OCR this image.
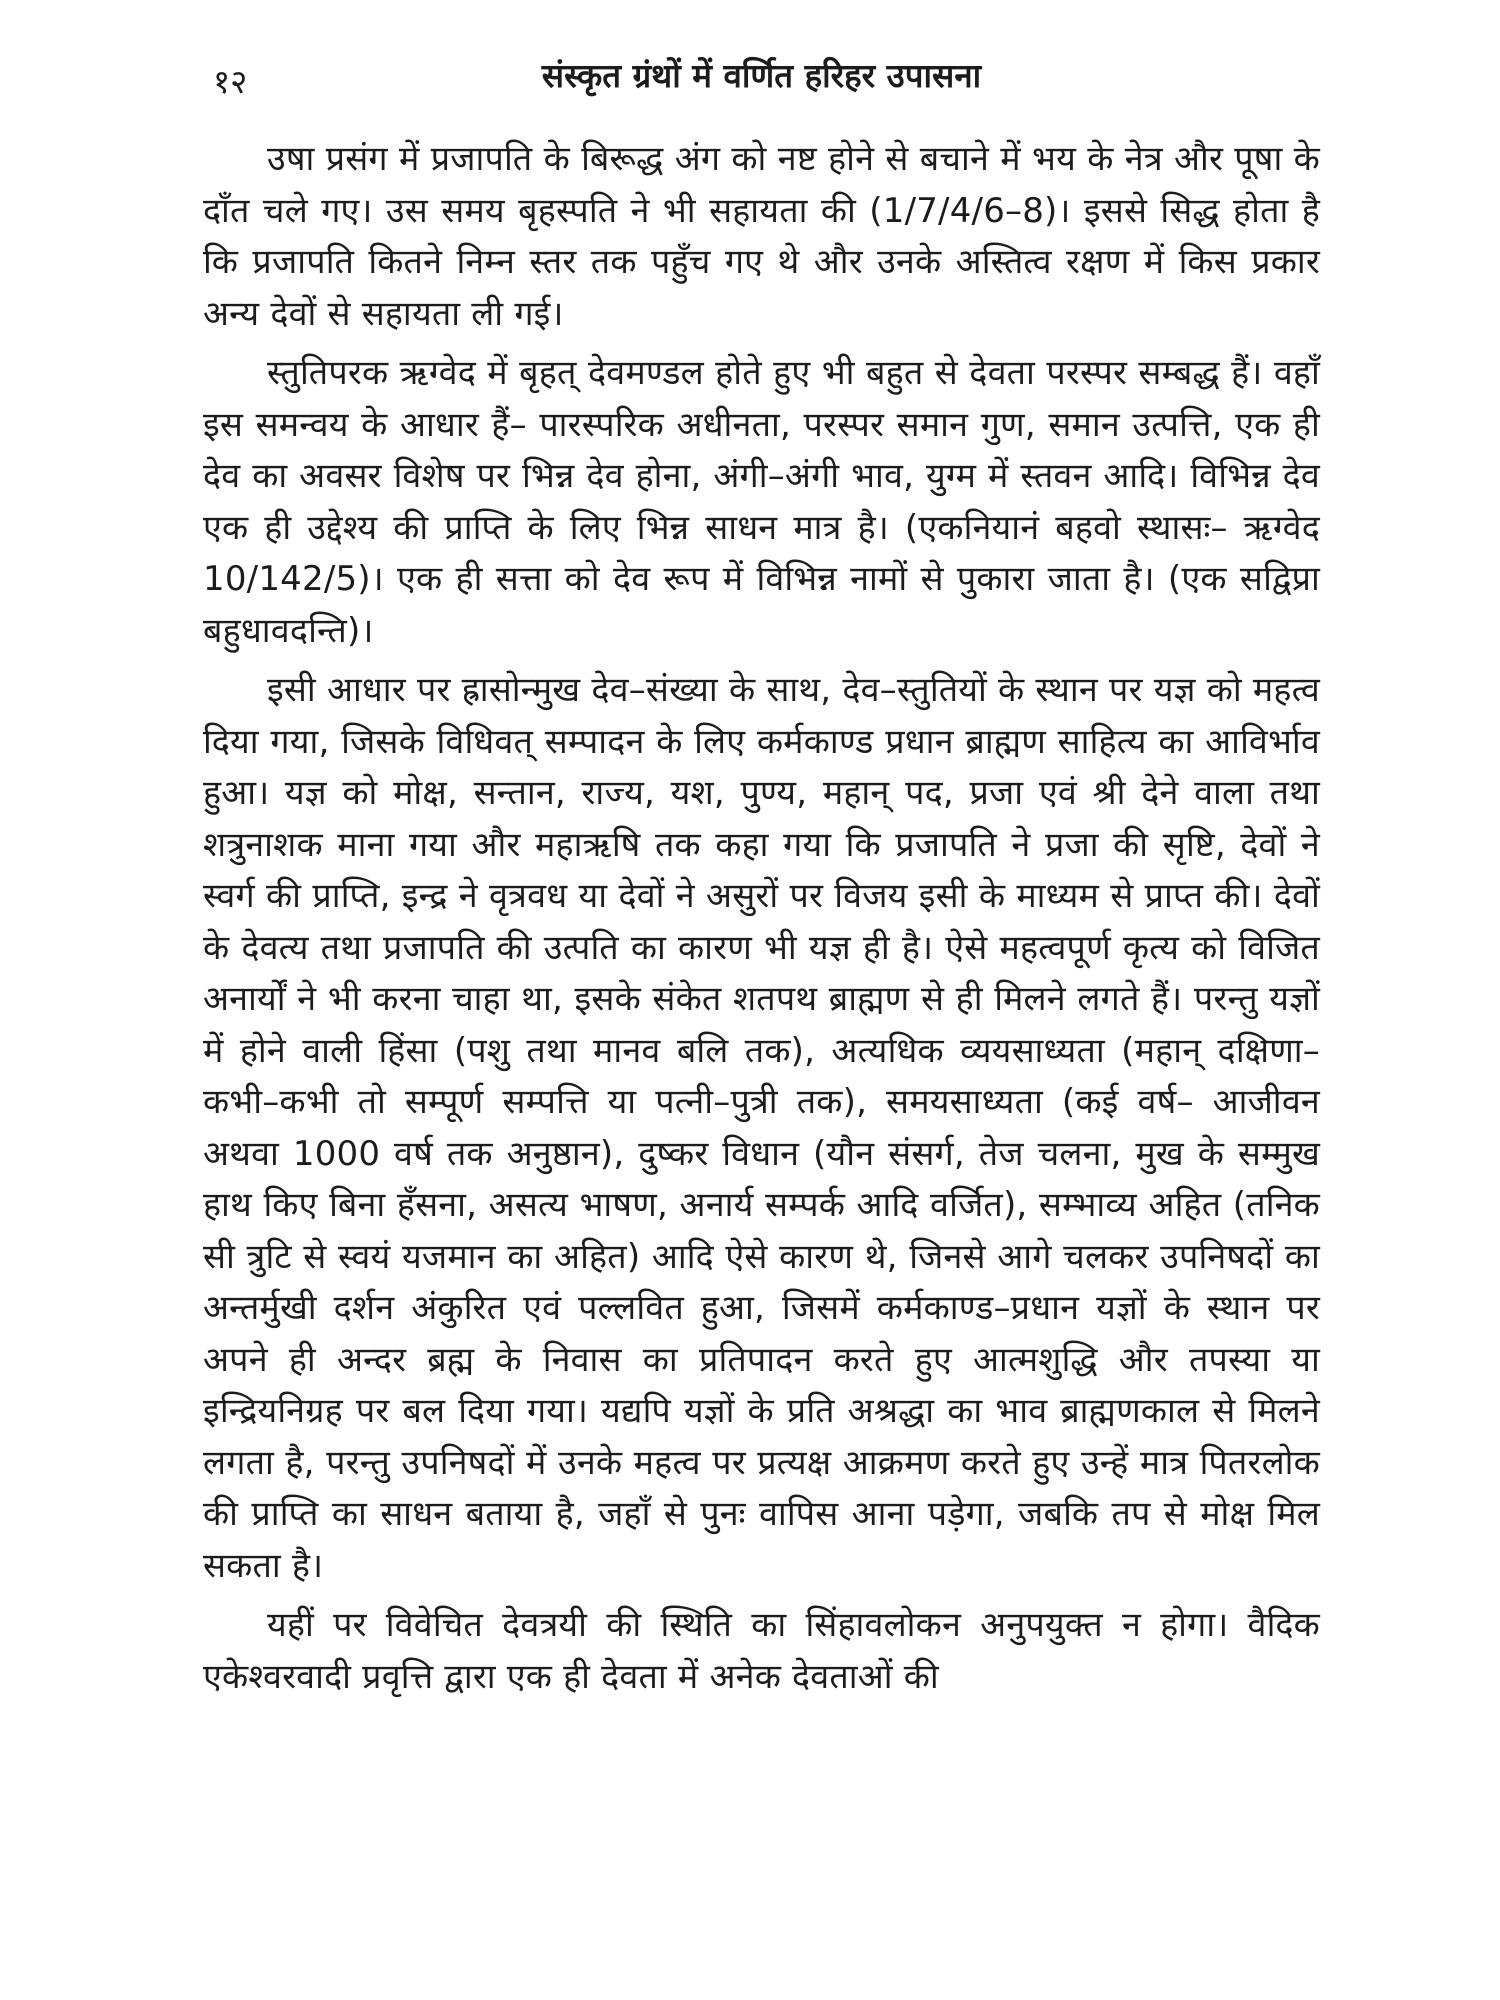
१२	संस्कृत ग्रंथों में वर्णित हरिहर उपासना

उषा प्रसंग में प्रजापति के बिरूद्ध अंग को नष्ट होने से बचाने में भय के नेत्र और पूषा के दाँत चले गए। उस समय बृहस्पति ने भी सहायता की (1/7/4/6–8)। इससे सिद्ध होता है कि प्रजापति कितने निम्न स्तर तक पहुँच गए थे और उनके अस्तित्व रक्षण में किस प्रकार अन्य देवों से सहायता ली गई।

स्तुतिपरक ऋग्वेद में बृहत् देवमण्डल होते हुए भी बहुत से देवता परस्पर सम्बद्ध हैं। वहाँ इस समन्वय के आधार हैं– पारस्परिक अधीनता, परस्पर समान गुण, समान उत्पत्ति, एक ही देव का अवसर विशेष पर भिन्न देव होना, अंगी–अंगी भाव, युग्म में स्तवन आदि। विभिन्न देव एक ही उद्देश्य की प्राप्ति के लिए भिन्न साधन मात्र है। (एकनियानं बहवो स्थासः– ऋग्वेद 10/142/5)। एक ही सत्ता को देव रूप में विभिन्न नामों से पुकारा जाता है। (एक सद्विप्रा बहुधावदन्ति)।

इसी आधार पर ह्रासोन्मुख देव–संख्या के साथ, देव–स्तुतियों के स्थान पर यज्ञ को महत्व दिया गया, जिसके विधिवत् सम्पादन के लिए कर्मकाण्ड प्रधान ब्राह्मण साहित्य का आविर्भाव हुआ। यज्ञ को मोक्ष, सन्तान, राज्य, यश, पुण्य, महान् पद, प्रजा एवं श्री देने वाला तथा शत्रुनाशक माना गया और महाऋषि तक कहा गया कि प्रजापति ने प्रजा की सृष्टि, देवों ने स्वर्ग की प्राप्ति, इन्द्र ने वृत्रवध या देवों ने असुरों पर विजय इसी के माध्यम से प्राप्त की। देवों के देवत्य तथा प्रजापति की उत्पति का कारण भी यज्ञ ही है। ऐसे महत्वपूर्ण कृत्य को विजित अनार्यों ने भी करना चाहा था, इसके संकेत शतपथ ब्राह्मण से ही मिलने लगते हैं। परन्तु यज्ञों में होने वाली हिंसा (पशु तथा मानव बलि तक), अत्यधिक व्ययसाध्यता (महान् दक्षिणा– कभी–कभी तो सम्पूर्ण सम्पत्ति या पत्नी–पुत्री तक), समयसाध्यता (कई वर्ष– आजीवन अथवा 1000 वर्ष तक अनुष्ठान), दुष्कर विधान (यौन संसर्ग, तेज चलना, मुख के सम्मुख हाथ किए बिना हँसना, असत्य भाषण, अनार्य सम्पर्क आदि वर्जित), सम्भाव्य अहित (तनिक सी त्रुटि से स्वयं यजमान का अहित) आदि ऐसे कारण थे, जिनसे आगे चलकर उपनिषदों का अन्तर्मुखी दर्शन अंकुरित एवं पल्लवित हुआ, जिसमें कर्मकाण्ड–प्रधान यज्ञों के स्थान पर अपने ही अन्दर ब्रह्म के निवास का प्रतिपादन करते हुए आत्मशुद्धि और तपस्या या इन्द्रियनिग्रह पर बल दिया गया। यद्यपि यज्ञों के प्रति अश्रद्धा का भाव ब्राह्मणकाल से मिलने लगता है, परन्तु उपनिषदों में उनके महत्व पर प्रत्यक्ष आक्रमण करते हुए उन्हें मात्र पितरलोक की प्राप्ति का साधन बताया है, जहाँ से पुनः वापिस आना पड़ेगा, जबकि तप से मोक्ष मिल सकता है।

यहीं पर विवेचित देवत्रयी की स्थिति का सिंहावलोकन अनुपयुक्त न होगा। वैदिक एकेश्वरवादी प्रवृत्ति द्वारा एक ही देवता में अनेक देवताओं की
